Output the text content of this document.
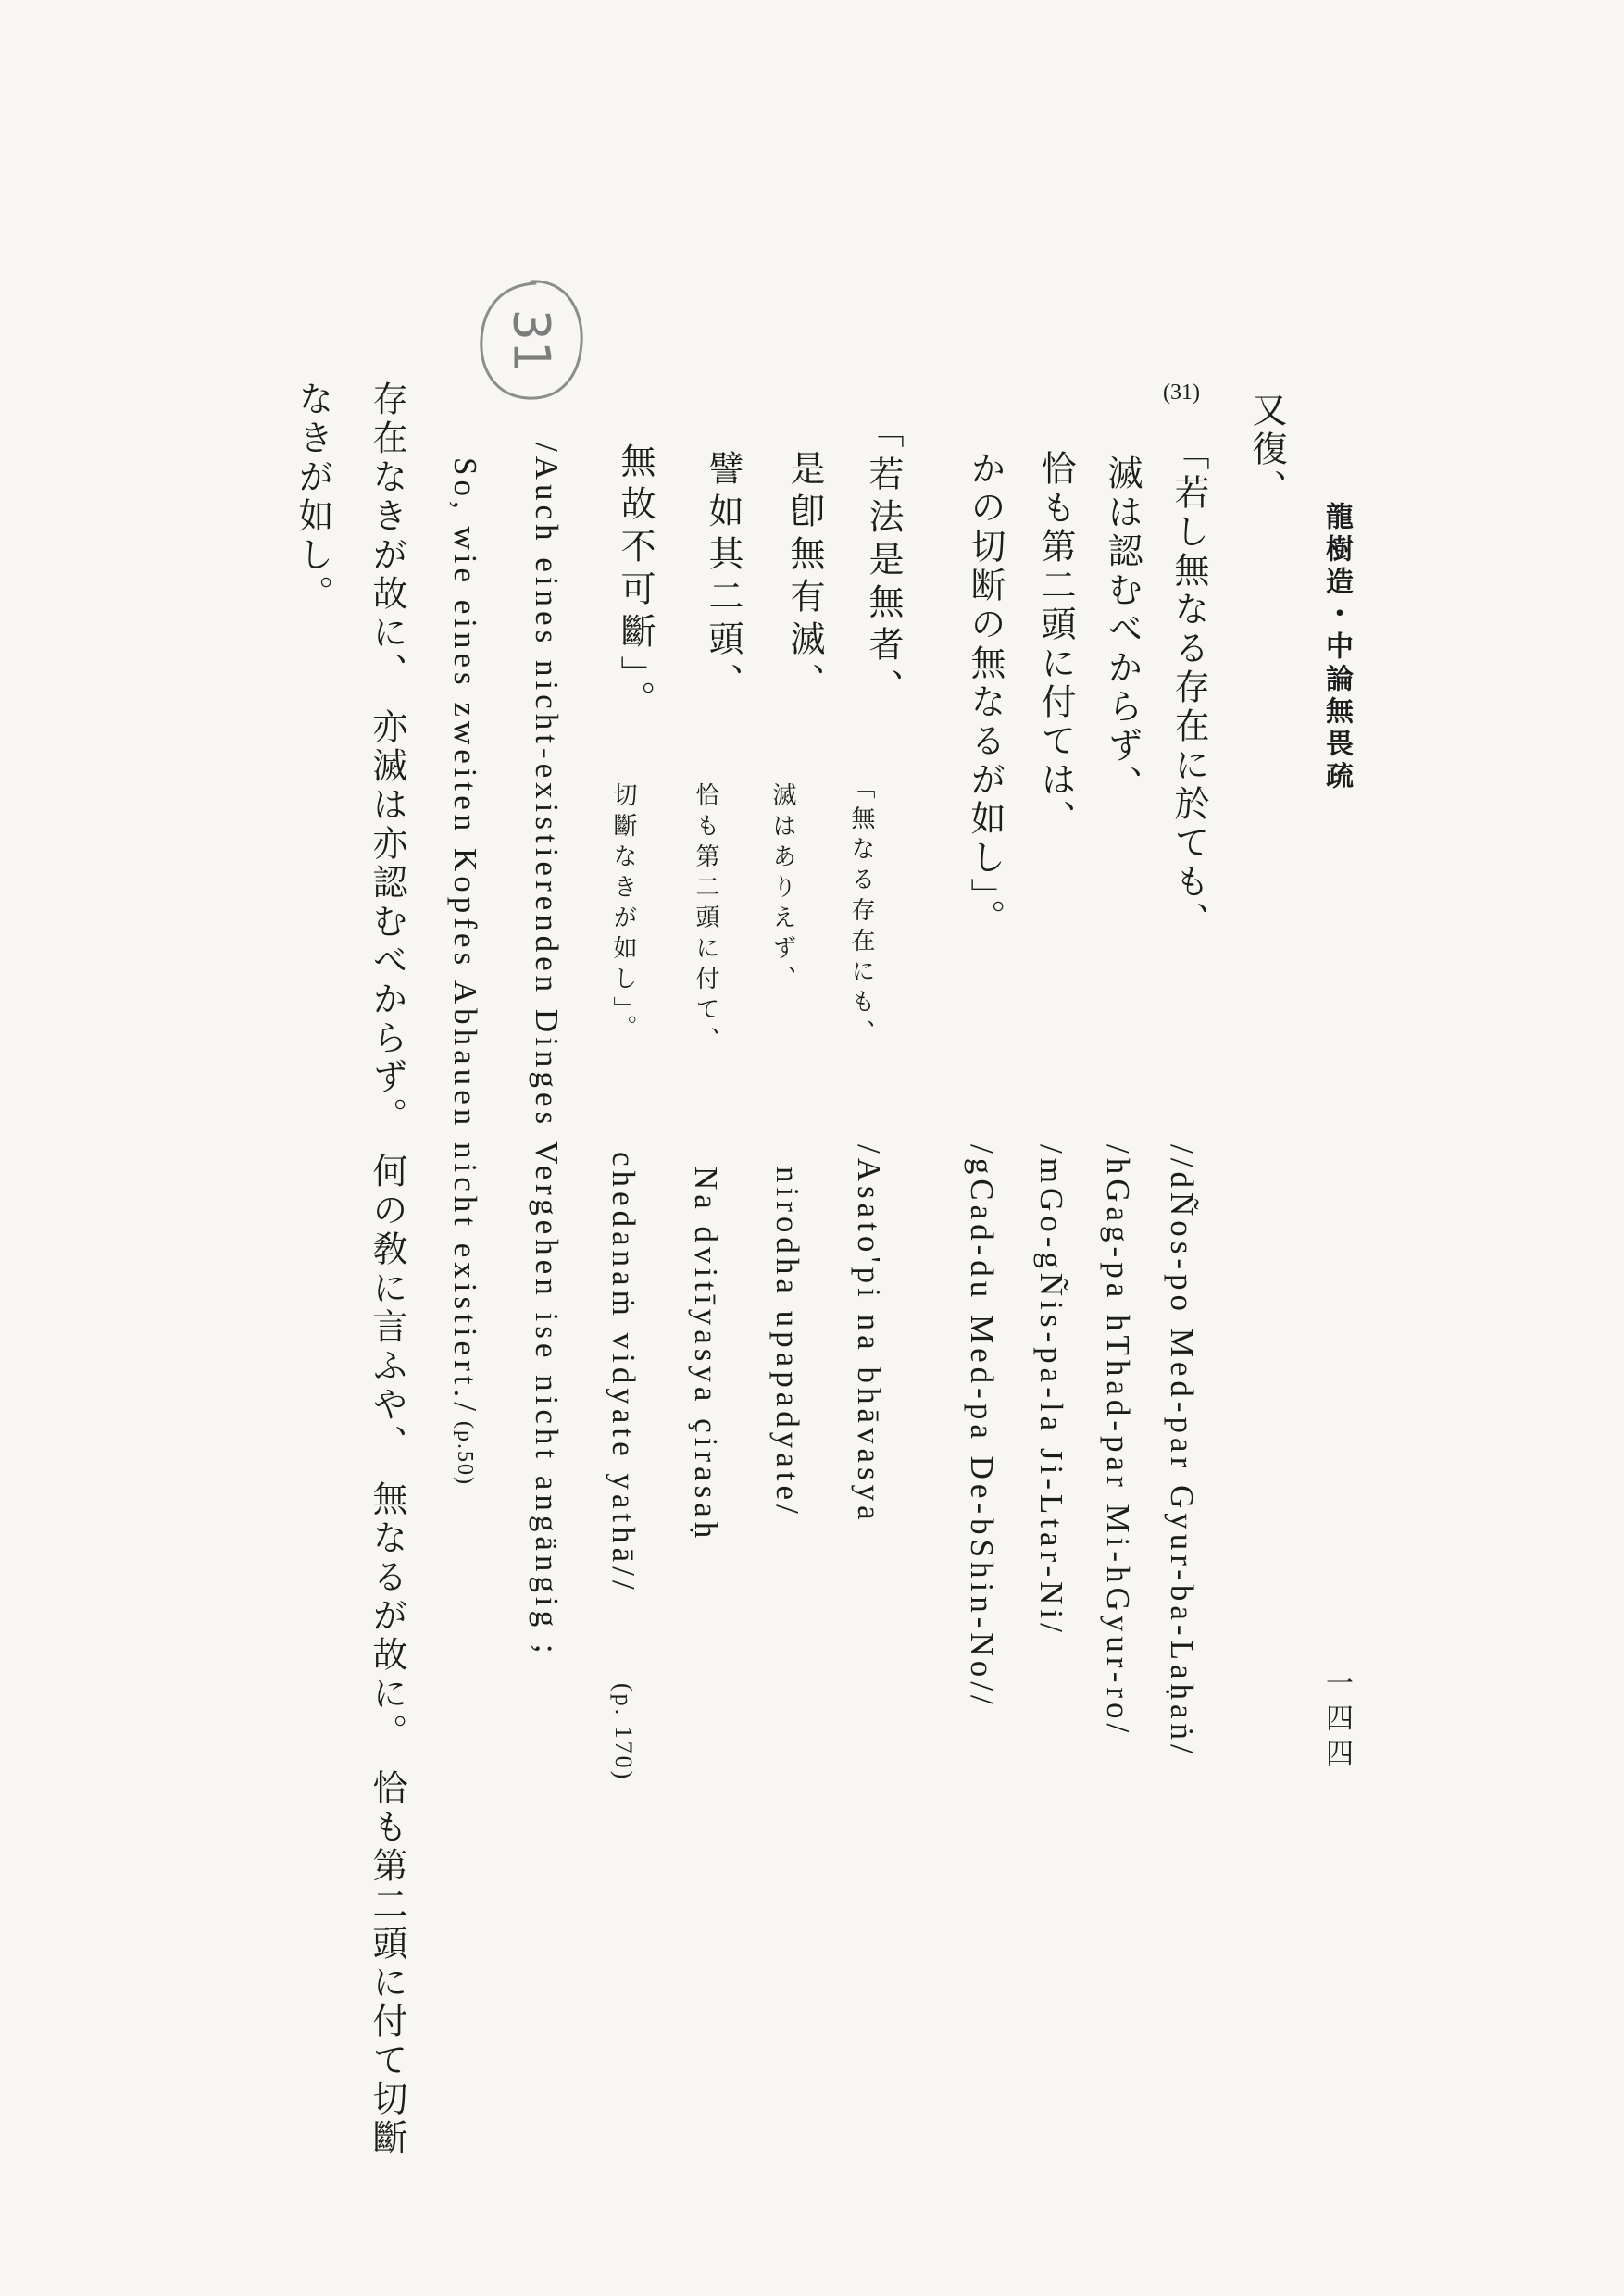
龍樹造・中論無畏疏
一四四
又復、
(31)
「若し無なる存在に於ても、
滅は認むべからず、
恰も第二頭に付ては、
かの切断の無なるが如し」。
//dÑos-po Med-par Gyur-ba-Laḥaṅ/
/hGag-pa hThad-par Mi-hGyur-ro/
/mGo-gÑis-pa-la Ji-Ltar-Ni/
/gCad-du Med-pa De-bShin-No//
「若法是無者、
是卽無有滅、
譬如其二頭、
無故不可斷」。
「無なる存在にも、
滅はありえず、
恰も第二頭に付て、
切斷なきが如し」。
/Asato'pi na bhāvasya
nirodha upapadyate/
Na dvitīyasya çirasaḥ
chedanaṁ vidyate yathā//
(p. 170)
/Auch eines nicht-existierenden Dinges Vergehen ise nicht angängig ;
So, wie eines zweiten Kopfes Abhauen nicht existiert./(p.50)
存在なきが故に、亦滅は亦認むべからず。何の敎に言ふや、無なるが故に。恰も第二頭に付て切斷
なきが如し。
31
